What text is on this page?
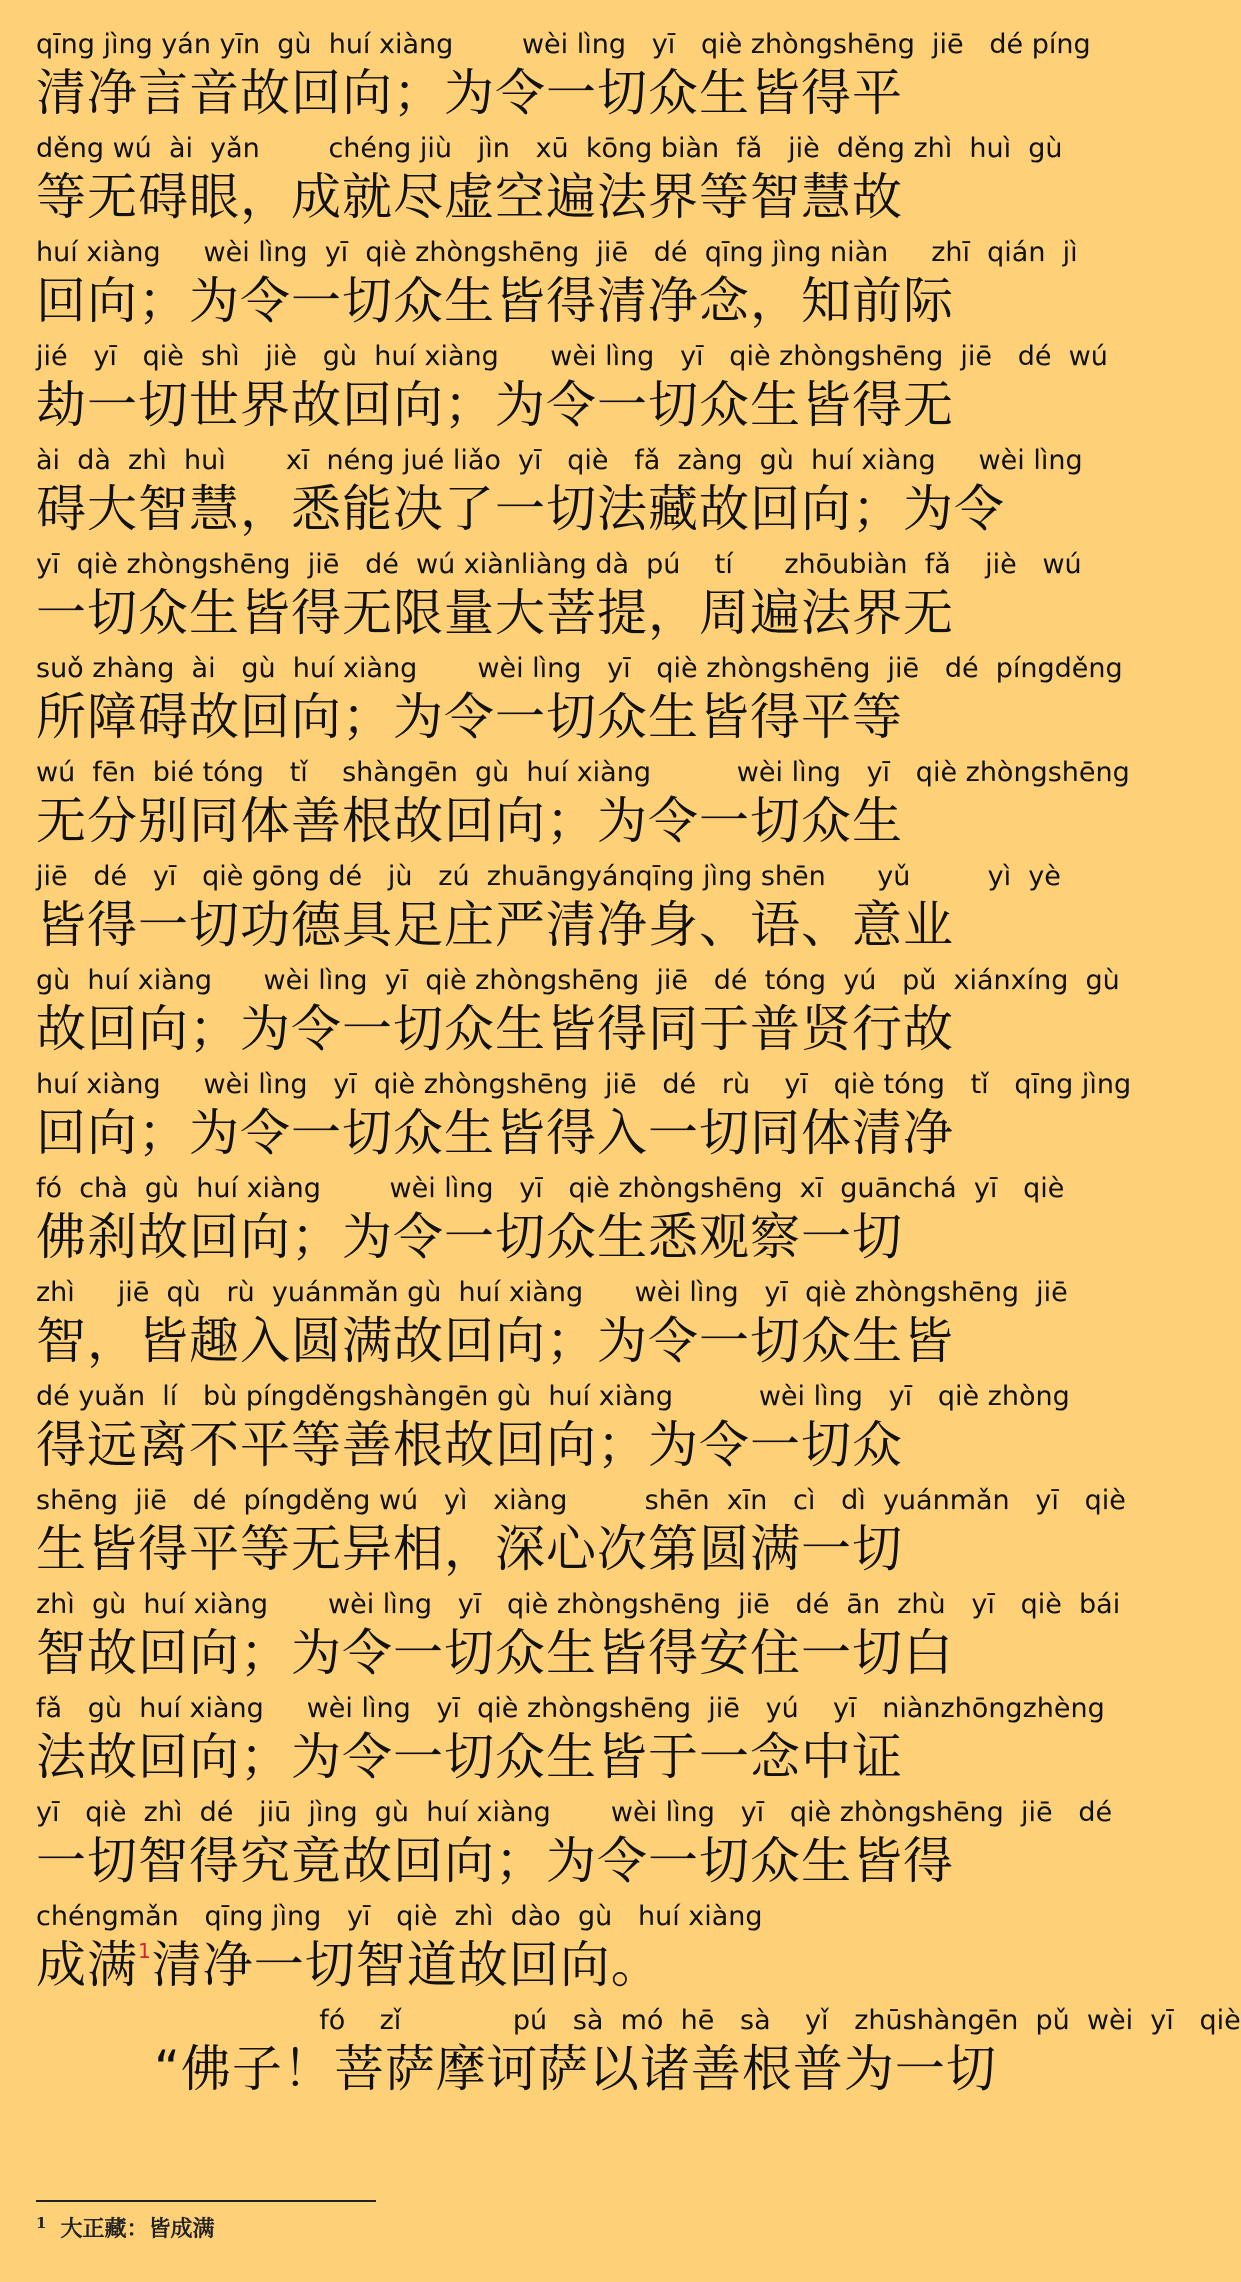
qīng jìng yán yīn  gù  huí xiàng        wèi lìng   yī   qiè zhòngshēng  jiē   dé píng
清净言音故回向；为令一切众生皆得平
děng wú  ài  yǎn        chéng jiù   jìn   xū  kōng biàn  fǎ   jiè  děng zhì  huì  gù
等无碍眼，成就尽虚空遍法界等智慧故
huí xiàng     wèi lìng  yī  qiè zhòngshēng  jiē   dé  qīng jìng niàn     zhī  qián  jì
回向；为令一切众生皆得清净念，知前际
jié   yī   qiè  shì   jiè   gù  huí xiàng      wèi lìng   yī   qiè zhòngshēng  jiē   dé  wú
劫一切世界故回向；为令一切众生皆得无
ài  dà  zhì  huì       xī  néng jué liǎo  yī   qiè   fǎ  zàng  gù  huí xiàng     wèi lìng
碍大智慧，悉能决了一切法藏故回向；为令
yī  qiè zhòngshēng  jiē   dé  wú xiànliàng dà  pú    tí      zhōubiàn  fǎ    jiè   wú
一切众生皆得无限量大菩提，周遍法界无
suǒ zhàng  ài   gù  huí xiàng       wèi lìng   yī   qiè zhòngshēng  jiē   dé  píngděng
所障碍故回向；为令一切众生皆得平等
wú  fēn  bié tóng   tǐ    shàngēn  gù  huí xiàng          wèi lìng   yī   qiè zhòngshēng
无分别同体善根故回向；为令一切众生
jiē   dé   yī   qiè gōng dé   jù   zú  zhuāngyánqīng jìng shēn      yǔ         yì  yè
皆得一切功德具足庄严清净身、语、意业
gù  huí xiàng      wèi lìng  yī  qiè zhòngshēng  jiē   dé  tóng  yú   pǔ  xiánxíng  gù
故回向；为令一切众生皆得同于普贤行故
huí xiàng     wèi lìng   yī  qiè zhòngshēng  jiē   dé   rù    yī   qiè tóng   tǐ   qīng jìng
回向；为令一切众生皆得入一切同体清净
fó  chà  gù  huí xiàng        wèi lìng   yī   qiè zhòngshēng  xī  guānchá  yī   qiè
佛刹故回向；为令一切众生悉观察一切
zhì     jiē  qù   rù  yuánmǎn gù  huí xiàng      wèi lìng   yī  qiè zhòngshēng  jiē
智，皆趣入圆满故回向；为令一切众生皆
dé yuǎn  lí   bù píngděngshàngēn gù  huí xiàng          wèi lìng   yī   qiè zhòng
得远离不平等善根故回向；为令一切众
shēng  jiē   dé  píngděng wú   yì   xiàng         shēn  xīn   cì   dì  yuánmǎn   yī   qiè
生皆得平等无异相，深心次第圆满一切
zhì  gù  huí xiàng       wèi lìng   yī   qiè zhòngshēng  jiē   dé  ān  zhù   yī   qiè  bái
智故回向；为令一切众生皆得安住一切白
fǎ   gù  huí xiàng     wèi lìng   yī  qiè zhòngshēng  jiē   yú    yī   niànzhōngzhèng
法故回向；为令一切众生皆于一念中证
yī   qiè  zhì  dé   jiū  jìng  gù  huí xiàng       wèi lìng   yī   qiè zhòngshēng  jiē   dé
一切智得究竟故回向；为令一切众生皆得
chéngmǎn   qīng jìng   yī   qiè  zhì  dào  gù   huí xiàng
成满$^1$清净一切智道故回向。
fó    zǐ             pú   sà  mó  hē   sà    yǐ   zhūshàngēn  pǔ  wèi  yī   qiè
“佛子！菩萨摩诃萨以诸善根普为一切
$^1$ 大正藏：皆成满
